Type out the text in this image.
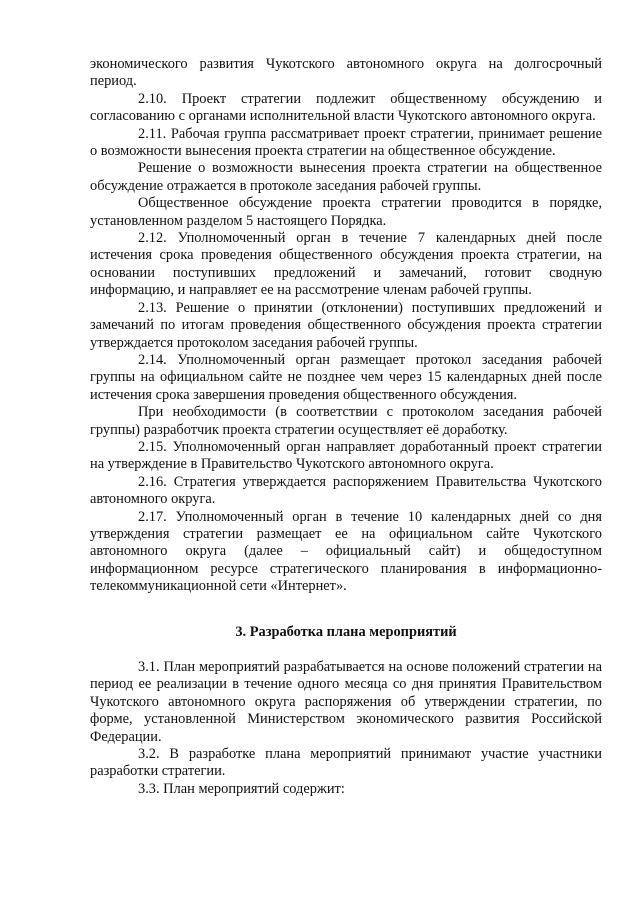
экономического развития Чукотского автономного округа на долгосрочный период.

2.10. Проект стратегии подлежит общественному обсуждению и согласованию с органами исполнительной власти Чукотского автономного округа.

2.11. Рабочая группа рассматривает проект стратегии, принимает решение о возможности вынесения проекта стратегии на общественное обсуждение.

Решение о возможности вынесения проекта стратегии на общественное обсуждение отражается в протоколе заседания рабочей группы.

Общественное обсуждение проекта стратегии проводится в порядке, установленном разделом 5 настоящего Порядка.

2.12. Уполномоченный орган в течение 7 календарных дней после истечения срока проведения общественного обсуждения проекта стратегии, на основании поступивших предложений и замечаний, готовит сводную информацию, и направляет ее на рассмотрение членам рабочей группы.

2.13. Решение о принятии (отклонении) поступивших предложений и замечаний по итогам проведения общественного обсуждения проекта стратегии утверждается протоколом заседания рабочей группы.

2.14. Уполномоченный орган размещает протокол заседания рабочей группы на официальном сайте не позднее чем через 15 календарных дней после истечения срока завершения проведения общественного обсуждения.

При необходимости (в соответствии с протоколом заседания рабочей группы) разработчик проекта стратегии осуществляет её доработку.

2.15. Уполномоченный орган направляет доработанный проект стратегии на утверждение в Правительство Чукотского автономного округа.

2.16. Стратегия утверждается распоряжением Правительства Чукотского автономного округа.

2.17. Уполномоченный орган в течение 10 календарных дней со дня утверждения стратегии размещает ее на официальном сайте Чукотского автономного округа (далее – официальный сайт) и общедоступном информационном ресурсе стратегического планирования в информационно-телекоммуникационной сети «Интернет».

3. Разработка плана мероприятий

3.1. План мероприятий разрабатывается на основе положений стратегии на период ее реализации в течение одного месяца со дня принятия Правительством Чукотского автономного округа распоряжения об утверждении стратегии, по форме, установленной Министерством экономического развития Российской Федерации.

3.2. В разработке плана мероприятий принимают участие участники разработки стратегии.

3.3. План мероприятий содержит:
